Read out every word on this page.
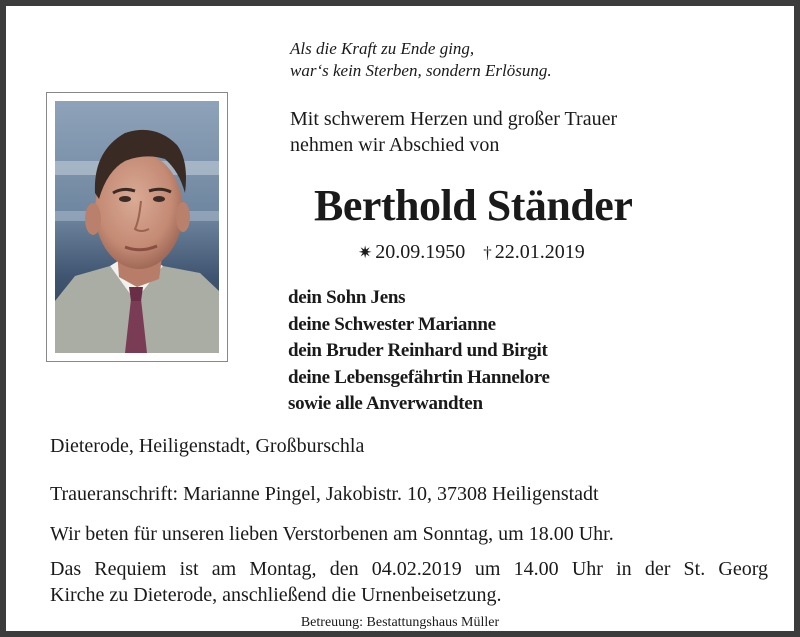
Als die Kraft zu Ende ging,
war‘s kein Sterben, sondern Erlösung.
Mit schwerem Herzen und großer Trauer
nehmen wir Abschied von
Berthold Ständer
✷ 20.09.1950 † 22.01.2019
dein Sohn Jens
deine Schwester Marianne
dein Bruder Reinhard und Birgit
deine Lebensgefährtin Hannelore
sowie alle Anverwandten
Dieterode, Heiligenstadt, Großburschla
Traueranschrift: Marianne Pingel, Jakobistr. 10, 37308 Heiligenstadt
Wir beten für unseren lieben Verstorbenen am Sonntag, um 18.00 Uhr.
Das Requiem ist am Montag, den 04.02.2019 um 14.00 Uhr in der St. Georg
Kirche zu Dieterode, anschließend die Urnenbeisetzung.
Betreuung: Bestattungshaus Müller
